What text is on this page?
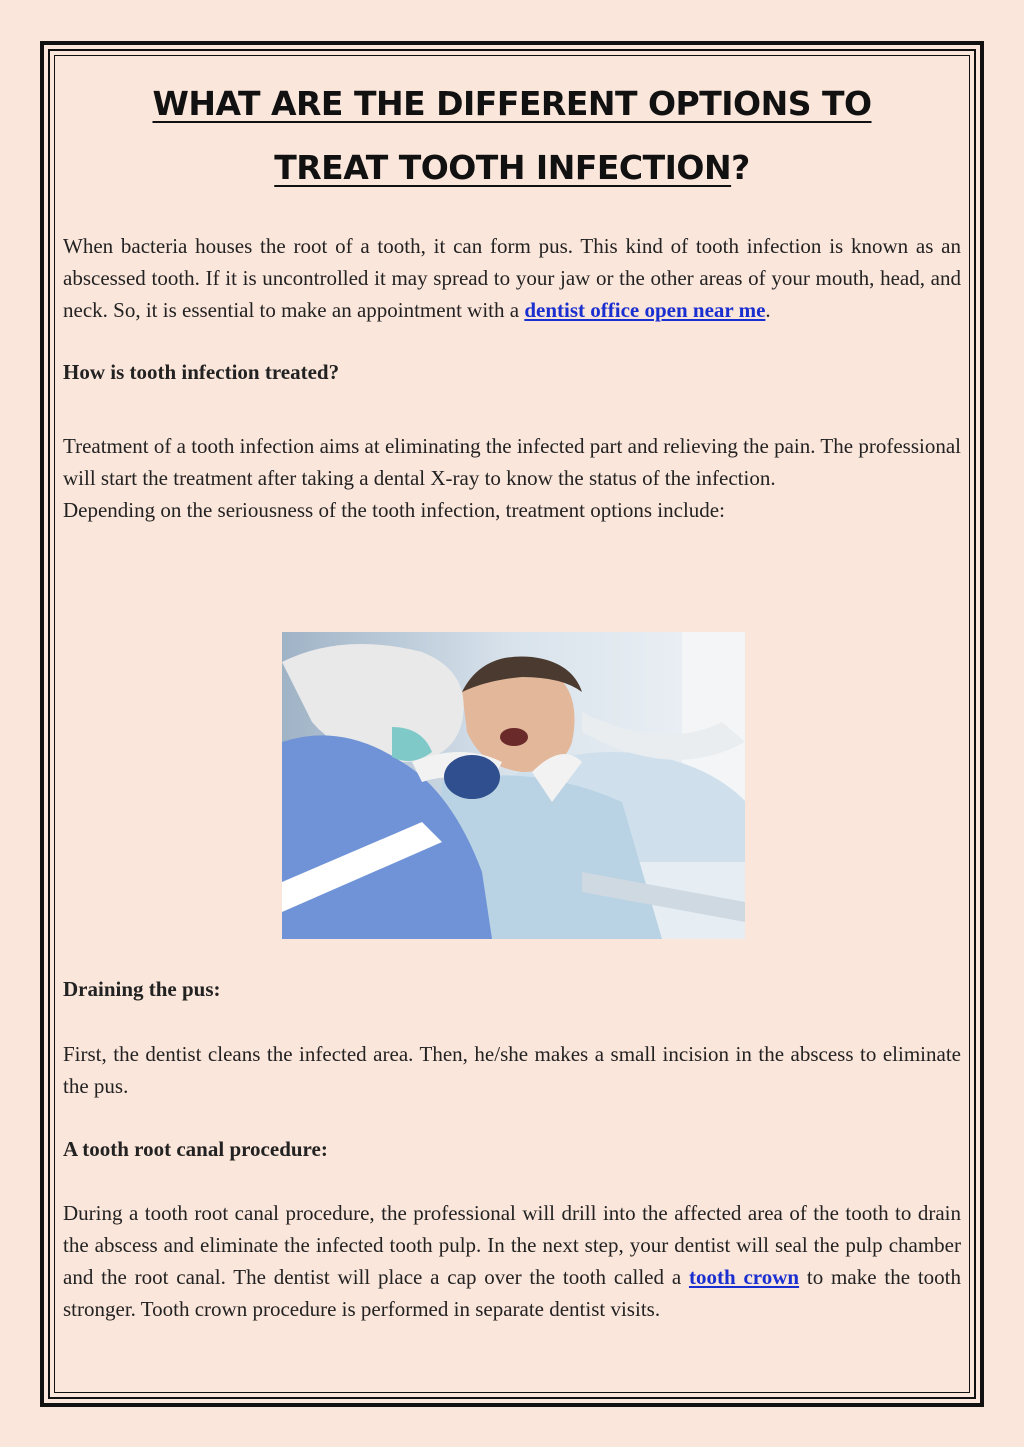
WHAT ARE THE DIFFERENT OPTIONS TO
TREAT TOOTH INFECTION?

When bacteria houses the root of a tooth, it can form pus. This kind of tooth infection is known as an abscessed tooth. If it is uncontrolled it may spread to your jaw or the other areas of your mouth, head, and neck. So, it is essential to make an appointment with a dentist office open near me.

How is tooth infection treated?

Treatment of a tooth infection aims at eliminating the infected part and relieving the pain. The professional will start the treatment after taking a dental X-ray to know the status of the infection.

Depending on the seriousness of the tooth infection, treatment options include:

Draining the pus:

First, the dentist cleans the infected area. Then, he/she makes a small incision in the abscess to eliminate the pus.

A tooth root canal procedure:

During a tooth root canal procedure, the professional will drill into the affected area of the tooth to drain the abscess and eliminate the infected tooth pulp. In the next step, your dentist will seal the pulp chamber and the root canal. The dentist will place a cap over the tooth called a tooth crown to make the tooth stronger. Tooth crown procedure is performed in separate dentist visits.
